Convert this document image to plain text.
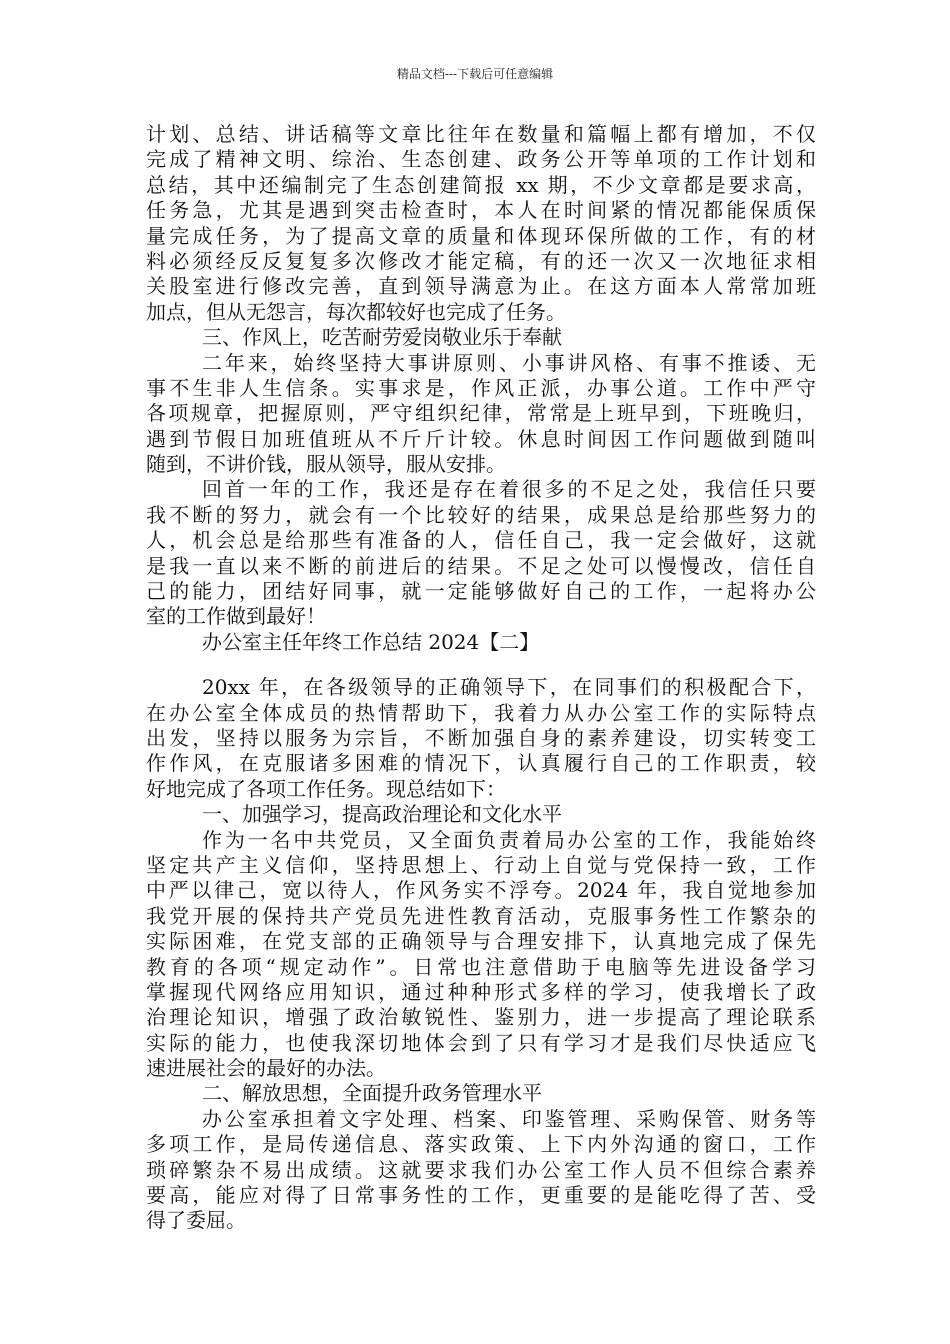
精品文档---下载后可任意编辑
计划、总结、讲话稿等文章比往年在数量和篇幅上都有增加，不仅
完成了精神文明、综治、生态创建、政务公开等单项的工作计划和
总结，其中还编制完了生态创建简报 xx 期，不少文章都是要求高，
任务急，尤其是遇到突击检查时，本人在时间紧的情况都能保质保
量完成任务，为了提高文章的质量和体现环保所做的工作，有的材
料必须经反反复复多次修改才能定稿，有的还一次又一次地征求相
关股室进行修改完善，直到领导满意为止。在这方面本人常常加班
加点，但从无怨言，每次都较好也完成了任务。
三、作风上，吃苦耐劳爱岗敬业乐于奉献
二年来，始终坚持大事讲原则、小事讲风格、有事不推诿、无
事不生非人生信条。实事求是，作风正派，办事公道。工作中严守
各项规章，把握原则，严守组织纪律，常常是上班早到，下班晚归，
遇到节假日加班值班从不斤斤计较。休息时间因工作问题做到随叫
随到，不讲价钱，服从领导，服从安排。
回首一年的工作，我还是存在着很多的不足之处，我信任只要
我不断的努力，就会有一个比较好的结果，成果总是给那些努力的
人，机会总是给那些有准备的人，信任自己，我一定会做好，这就
是我一直以来不断的前进后的结果。不足之处可以慢慢改，信任自
己的能力，团结好同事，就一定能够做好自己的工作，一起将办公
室的工作做到最好！
办公室主任年终工作总结 2024【二】
20xx 年，在各级领导的正确领导下，在同事们的积极配合下，
在办公室全体成员的热情帮助下，我着力从办公室工作的实际特点
出发，坚持以服务为宗旨，不断加强自身的素养建设，切实转变工
作作风，在克服诸多困难的情况下，认真履行自己的工作职责，较
好地完成了各项工作任务。现总结如下：
一、加强学习，提高政治理论和文化水平
作为一名中共党员，又全面负责着局办公室的工作，我能始终
坚定共产主义信仰，坚持思想上、行动上自觉与党保持一致，工作
中严以律己，宽以待人，作风务实不浮夸。2024 年，我自觉地参加
我党开展的保持共产党员先进性教育活动，克服事务性工作繁杂的
实际困难，在党支部的正确领导与合理安排下，认真地完成了保先
教育的各项“规定动作”。日常也注意借助于电脑等先进设备学习
掌握现代网络应用知识，通过种种形式多样的学习，使我增长了政
治理论知识，增强了政治敏锐性、鉴别力，进一步提高了理论联系
实际的能力，也使我深切地体会到了只有学习才是我们尽快适应飞
速进展社会的最好的办法。
二、解放思想，全面提升政务管理水平
办公室承担着文字处理、档案、印鉴管理、采购保管、财务等
多项工作，是局传递信息、落实政策、上下内外沟通的窗口，工作
琐碎繁杂不易出成绩。这就要求我们办公室工作人员不但综合素养
要高，能应对得了日常事务性的工作，更重要的是能吃得了苦、受
得了委屈。
